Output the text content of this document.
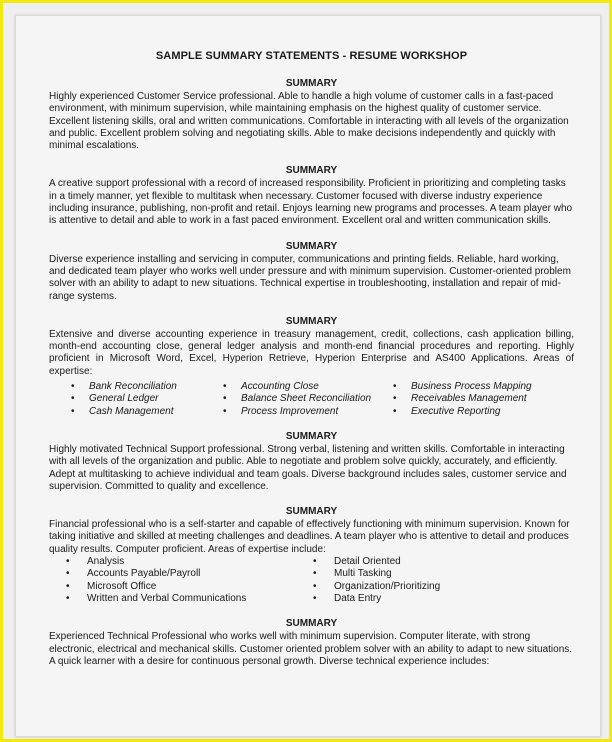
SAMPLE SUMMARY STATEMENTS - RESUME WORKSHOP
SUMMARY

Highly experienced Customer Service professional. Able to handle a high volume of customer calls in a fast-paced environment, with minimum supervision, while maintaining emphasis on the highest quality of customer service. Excellent listening skills, oral and written communications. Comfortable in interacting with all levels of the organization and public. Excellent problem solving and negotiating skills. Able to make decisions independently and quickly with minimal escalations.

SUMMARY

A creative support professional with a record of increased responsibility. Proficient in prioritizing and completing tasks in a timely manner, yet flexible to multitask when necessary. Customer focused with diverse industry experience including insurance, publishing, non-profit and retail. Enjoys learning new programs and processes. A team player who is attentive to detail and able to work in a fast paced environment. Excellent oral and written communication skills.

SUMMARY

Diverse experience installing and servicing in computer, communications and printing fields. Reliable, hard working, and dedicated team player who works well under pressure and with minimum supervision. Customer-oriented problem solver with an ability to adapt to new situations. Technical expertise in troubleshooting, installation and repair of mid-range systems.

SUMMARY

Extensive and diverse accounting experience in treasury management, credit, collections, cash application billing, month-end accounting close, general ledger analysis and month-end financial procedures and reporting. Highly proficient in Microsoft Word, Excel, Hyperion Retrieve, Hyperion Enterprise and AS400 Applications. Areas of expertise:

• Bank Reconciliation
• General Ledger
• Cash Management
• Accounting Close
• Balance Sheet Reconciliation
• Process Improvement
• Business Process Mapping
• Receivables Management
• Executive Reporting
SUMMARY

Highly motivated Technical Support professional. Strong verbal, listening and written skills. Comfortable in interacting with all levels of the organization and public. Able to negotiate and problem solve quickly, accurately, and efficiently. Adept at multitasking to achieve individual and team goals. Diverse background includes sales, customer service and supervision. Committed to quality and excellence.

SUMMARY

Financial professional who is a self-starter and capable of effectively functioning with minimum supervision. Known for taking initiative and skilled at meeting challenges and deadlines. A team player who is attentive to detail and produces quality results. Computer proficient. Areas of expertise include:

• Analysis
• Accounts Payable/Payroll
• Microsoft Office
• Written and Verbal Communications
• Detail Oriented
• Multi Tasking
• Organization/Prioritizing
• Data Entry
SUMMARY

Experienced Technical Professional who works well with minimum supervision. Computer literate, with strong electronic, electrical and mechanical skills. Customer oriented problem solver with an ability to adapt to new situations. A quick learner with a desire for continuous personal growth. Diverse technical experience includes:
